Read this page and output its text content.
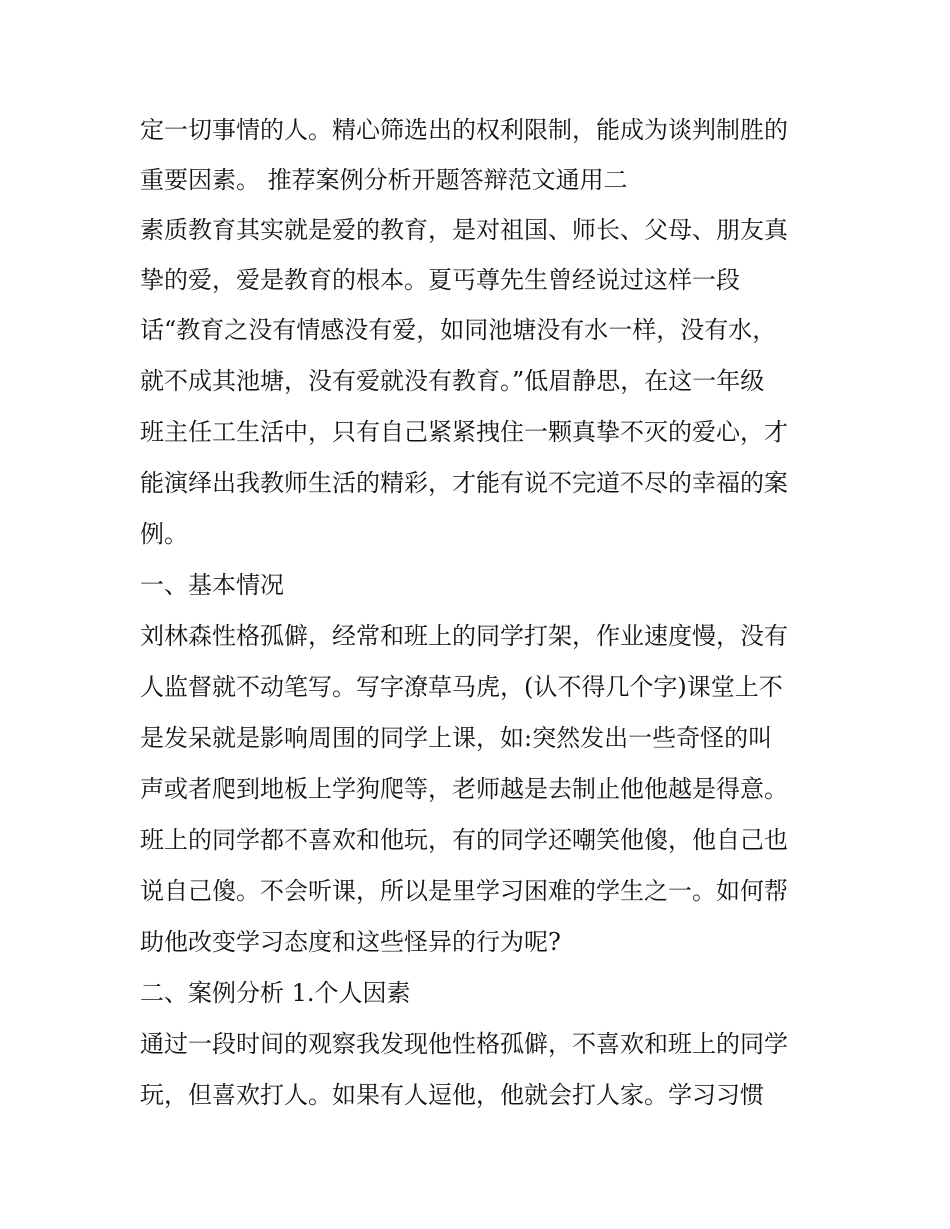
定一切事情的人。精心筛选出的权利限制，能成为谈判制胜的
重要因素。 推荐案例分析开题答辩范文通用二
素质教育其实就是爱的教育，是对祖国、师长、父母、朋友真
挚的爱，爱是教育的根本。夏丐尊先生曾经说过这样一段
话“教育之没有情感没有爱，如同池塘没有水一样，没有水，
就不成其池塘，没有爱就没有教育。”低眉静思，在这一年级
班主任工生活中，只有自己紧紧拽住一颗真挚不灭的爱心，才
能演绎出我教师生活的精彩，才能有说不完道不尽的幸福的案
例。
一、基本情况
刘林森性格孤僻，经常和班上的同学打架，作业速度慢，没有
人监督就不动笔写。写字潦草马虎，(认不得几个字)课堂上不
是发呆就是影响周围的同学上课，如:突然发出一些奇怪的叫
声或者爬到地板上学狗爬等，老师越是去制止他他越是得意。
班上的同学都不喜欢和他玩，有的同学还嘲笑他傻，他自己也
说自己傻。不会听课，所以是里学习困难的学生之一。如何帮
助他改变学习态度和这些怪异的行为呢?
二、案例分析 1.个人因素
通过一段时间的观察我发现他性格孤僻，不喜欢和班上的同学
玩，但喜欢打人。如果有人逗他，他就会打人家。学习习惯
